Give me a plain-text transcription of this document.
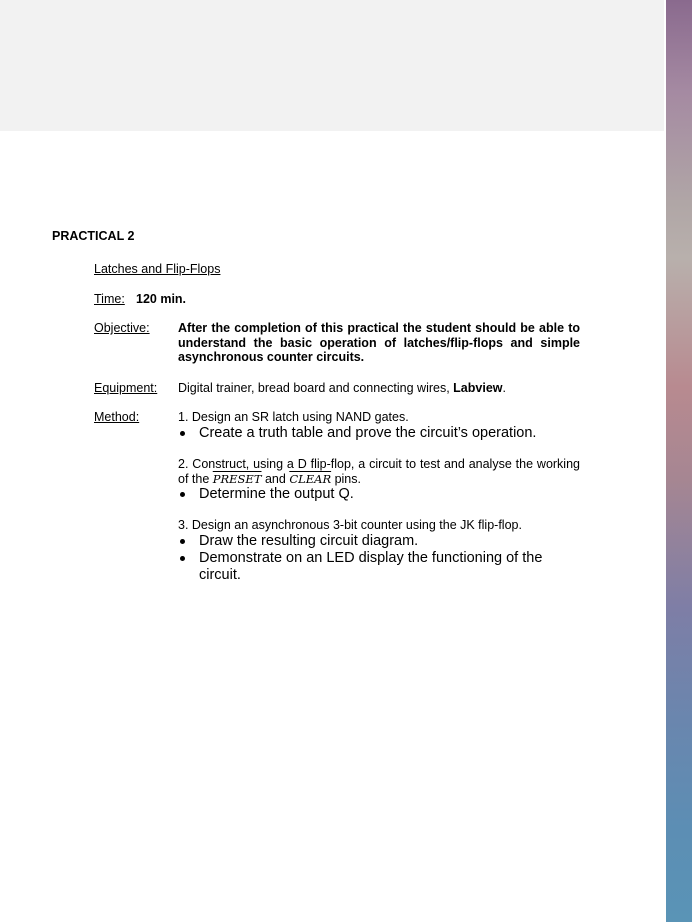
PRACTICAL 2
Latches and Flip-Flops
Time: 120 min.
Objective: After the completion of this practical the student should be able to understand the basic operation of latches/flip-flops and simple asynchronous counter circuits.
Equipment: Digital trainer, bread board and connecting wires, Labview.
Method:	1. Design an SR latch using NAND gates.
Create a truth table and prove the circuit’s operation.
2. Construct, using a D flip-flop, a circuit to test and analyse the working of the PRESET and CLEAR pins.
Determine the output Q.
3. Design an asynchronous 3-bit counter using the JK flip-flop.
Draw the resulting circuit diagram.
Demonstrate on an LED display the functioning of the circuit.
